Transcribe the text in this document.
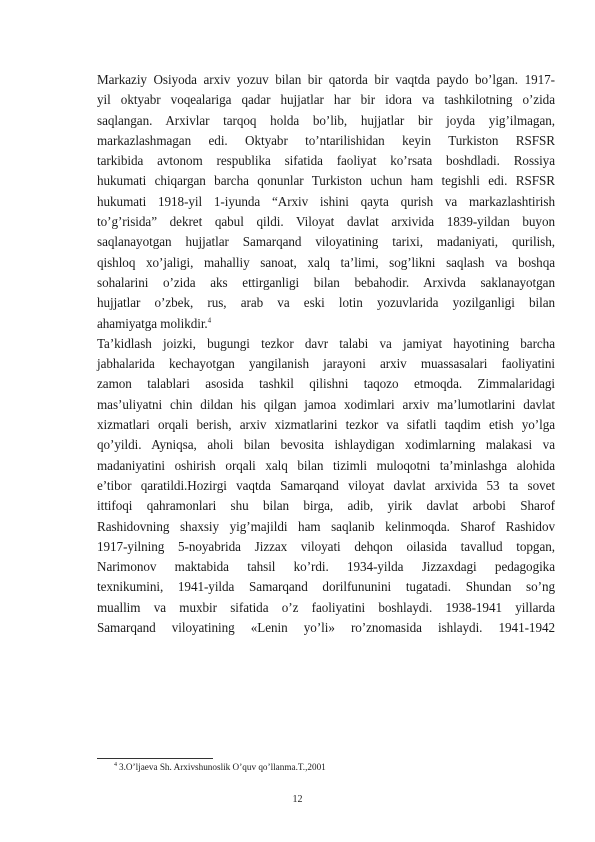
Markaziy Osiyoda arxiv yozuv bilan bir qatorda bir vaqtda paydo bo’lgan. 1917-
yil oktyabr voqealariga qadar hujjatlar har bir idora va tashkilotning o’zida
saqlangan. Arxivlar tarqoq holda bo’lib, hujjatlar bir joyda yig’ilmagan,
markazlashmagan edi. Oktyabr to’ntarilishidan keyin Turkiston RSFSR
tarkibida avtonom respublika sifatida faoliyat ko’rsata boshdladi. Rossiya
hukumati chiqargan barcha qonunlar Turkiston uchun ham tegishli edi. RSFSR
hukumati 1918-yil 1-iyunda “Arxiv ishini qayta qurish va markazlashtirish
to’g’risida” dekret qabul qildi. Viloyat davlat arxivida 1839-yildan buyon
saqlanayotgan hujjatlar Samarqand viloyatining tarixi, madaniyati, qurilish,
qishloq xo’jaligi, mahalliy sanoat, xalq ta’limi, sog’likni saqlash va boshqa
sohalarini o’zida aks ettirganligi bilan bebahodir. Arxivda saklanayotgan
hujjatlar o’zbek, rus, arab va eski lotin yozuvlarida yozilganligi bilan
ahamiyatga molikdir.$^4$
Ta’kidlash joizki, bugungi tezkor davr talabi va jamiyat hayotining barcha
jabhalarida kechayotgan yangilanish jarayoni arxiv muassasalari faoliyatini
zamon talablari asosida tashkil qilishni taqozo etmoqda. Zimmalaridagi
mas’uliyatni chin dildan his qilgan jamoa xodimlari arxiv ma’lumotlarini davlat
xizmatlari orqali berish, arxiv xizmatlarini tezkor va sifatli taqdim etish yo’lga
qo’yildi. Ayniqsa, aholi bilan bevosita ishlaydigan xodimlarning malakasi va
madaniyatini oshirish orqali xalq bilan tizimli muloqotni ta’minlashga alohida
e’tibor qaratildi.Hozirgi vaqtda Samarqand viloyat davlat arxivida 53 ta sovet
ittifoqi qahramonlari shu bilan birga, adib, yirik davlat arbobi Sharof
Rashidovning shaxsiy yig’majildi ham saqlanib kelinmoqda. Sharof Rashidov
1917-yilning 5-noyabrida Jizzax viloyati dehqon oilasida tavallud topgan,
Narimonov maktabida tahsil ko’rdi. 1934-yilda Jizzaxdagi pedagogika
texnikumini, 1941-yilda Samarqand dorilfununini tugatadi. Shundan so’ng
muallim va muxbir sifatida o’z faoliyatini boshlaydi. 1938-1941 yillarda
Samarqand viloyatining «Lenin yo’li» ro’znomasida ishlaydi. 1941-1942
$^4$ 3.O’ljaeva Sh. Arxivshunoslik O’quv qo’llanma.T.,2001
12
